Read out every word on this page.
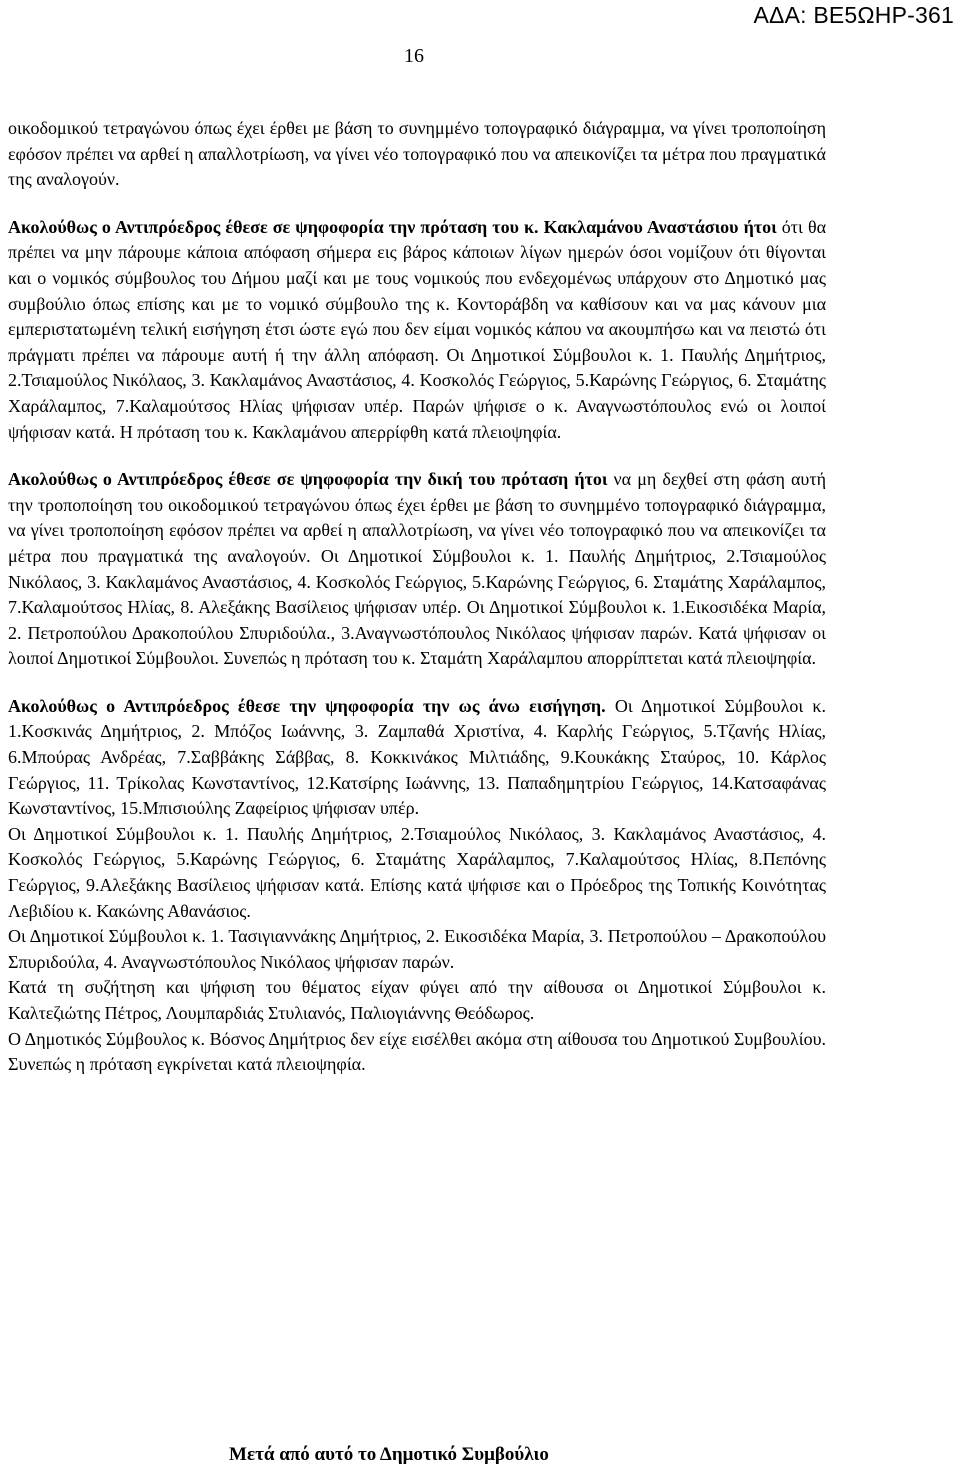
ΑΔΑ: ΒΕ5ΩΗΡ-361
16

οικοδομικού τετραγώνου όπως έχει έρθει με βάση το συνημμένο τοπογραφικό διάγραμμα, να γίνει τροποποίηση εφόσον πρέπει να αρθεί η απαλλοτρίωση, να γίνει νέο τοπογραφικό που να απεικονίζει τα μέτρα που πραγματικά της αναλογούν.

Ακολούθως ο Αντιπρόεδρος έθεσε σε ψηφοφορία την πρόταση του κ. Κακλαμάνου Αναστάσιου ήτοι ότι θα πρέπει να μην πάρουμε κάποια απόφαση σήμερα εις βάρος κάποιων λίγων ημερών όσοι νομίζουν ότι θίγονται και ο νομικός σύμβουλος του Δήμου μαζί και με τους νομικούς που ενδεχομένως υπάρχουν στο Δημοτικό μας συμβούλιο όπως επίσης και με το νομικό σύμβουλο της κ. Κοντοράβδη να καθίσουν και να μας κάνουν μια εμπεριστατωμένη τελική εισήγηση έτσι ώστε εγώ που δεν είμαι νομικός κάπου να ακουμπήσω και να πειστώ ότι πράγματι πρέπει να πάρουμε αυτή ή την άλλη απόφαση. Οι Δημοτικοί Σύμβουλοι κ. 1. Παυλής Δημήτριος, 2.Τσιαμούλος Νικόλαος, 3. Κακλαμάνος Αναστάσιος, 4. Κοσκολός Γεώργιος, 5.Καρώνης Γεώργιος, 6. Σταμάτης Χαράλαμπος, 7.Καλαμούτσος Ηλίας ψήφισαν υπέρ. Παρών ψήφισε ο κ. Αναγνωστόπουλος ενώ οι λοιποί ψήφισαν κατά. Η πρόταση του κ. Κακλαμάνου απερρίφθη κατά πλειοψηφία.

Ακολούθως ο Αντιπρόεδρος έθεσε σε ψηφοφορία την δική του πρόταση ήτοι να μη δεχθεί στη φάση αυτή την τροποποίηση του οικοδομικού τετραγώνου όπως έχει έρθει με βάση το συνημμένο τοπογραφικό διάγραμμα, να γίνει τροποποίηση εφόσον πρέπει να αρθεί η απαλλοτρίωση, να γίνει νέο τοπογραφικό που να απεικονίζει τα μέτρα που πραγματικά της αναλογούν. Οι Δημοτικοί Σύμβουλοι κ. 1. Παυλής Δημήτριος, 2.Τσιαμούλος Νικόλαος, 3. Κακλαμάνος Αναστάσιος, 4. Κοσκολός Γεώργιος, 5.Καρώνης Γεώργιος, 6. Σταμάτης Χαράλαμπος, 7.Καλαμούτσος Ηλίας, 8. Αλεξάκης Βασίλειος ψήφισαν υπέρ. Οι Δημοτικοί Σύμβουλοι κ. 1.Εικοσιδέκα Μαρία, 2. Πετροπούλου Δρακοπούλου Σπυριδούλα., 3.Αναγνωστόπουλος Νικόλαος ψήφισαν παρών. Κατά ψήφισαν οι λοιποί Δημοτικοί Σύμβουλοι. Συνεπώς η πρόταση του κ. Σταμάτη Χαράλαμπου απορρίπτεται κατά πλειοψηφία.

Ακολούθως ο Αντιπρόεδρος έθεσε την ψηφοφορία την ως άνω εισήγηση. Οι Δημοτικοί Σύμβουλοι κ. 1.Κοσκινάς Δημήτριος, 2. Μπόζος Ιωάννης, 3. Ζαμπαθά Χριστίνα, 4. Καρλής Γεώργιος, 5.Τζανής Ηλίας, 6.Μπούρας Ανδρέας, 7.Σαββάκης Σάββας, 8. Κοκκινάκος Μιλτιάδης, 9.Κουκάκης Σταύρος, 10. Κάρλος Γεώργιος, 11. Τρίκολας Κωνσταντίνος, 12.Κατσίρης Ιωάννης, 13. Παπαδημητρίου Γεώργιος, 14.Κατσαφάνας Κωνσταντίνος, 15.Μπισιούλης Ζαφείριος ψήφισαν υπέρ.

Οι Δημοτικοί Σύμβουλοι κ. 1. Παυλής Δημήτριος, 2.Τσιαμούλος Νικόλαος, 3. Κακλαμάνος Αναστάσιος, 4. Κοσκολός Γεώργιος, 5.Καρώνης Γεώργιος, 6. Σταμάτης Χαράλαμπος, 7.Καλαμούτσος Ηλίας, 8.Πεπόνης Γεώργιος, 9.Αλεξάκης Βασίλειος ψήφισαν κατά. Επίσης κατά ψήφισε και ο Πρόεδρος της Τοπικής Κοινότητας Λεβιδίου κ. Κακώνης Αθανάσιος.

Οι Δημοτικοί Σύμβουλοι κ. 1. Τασιγιαννάκης Δημήτριος, 2. Εικοσιδέκα Μαρία, 3. Πετροπούλου – Δρακοπούλου Σπυριδούλα, 4. Αναγνωστόπουλος Νικόλαος ψήφισαν παρών.

Κατά τη συζήτηση και ψήφιση του θέματος είχαν φύγει από την αίθουσα οι Δημοτικοί Σύμβουλοι κ. Καλτεζιώτης Πέτρος, Λουμπαρδιάς Στυλιανός, Παλιογιάννης Θεόδωρος.

Ο Δημοτικός Σύμβουλος κ. Βόσνος Δημήτριος δεν είχε εισέλθει ακόμα στη αίθουσα του Δημοτικού Συμβουλίου. Συνεπώς η πρόταση εγκρίνεται κατά πλειοψηφία.

Μετά από αυτό το Δημοτικό Συμβούλιο
